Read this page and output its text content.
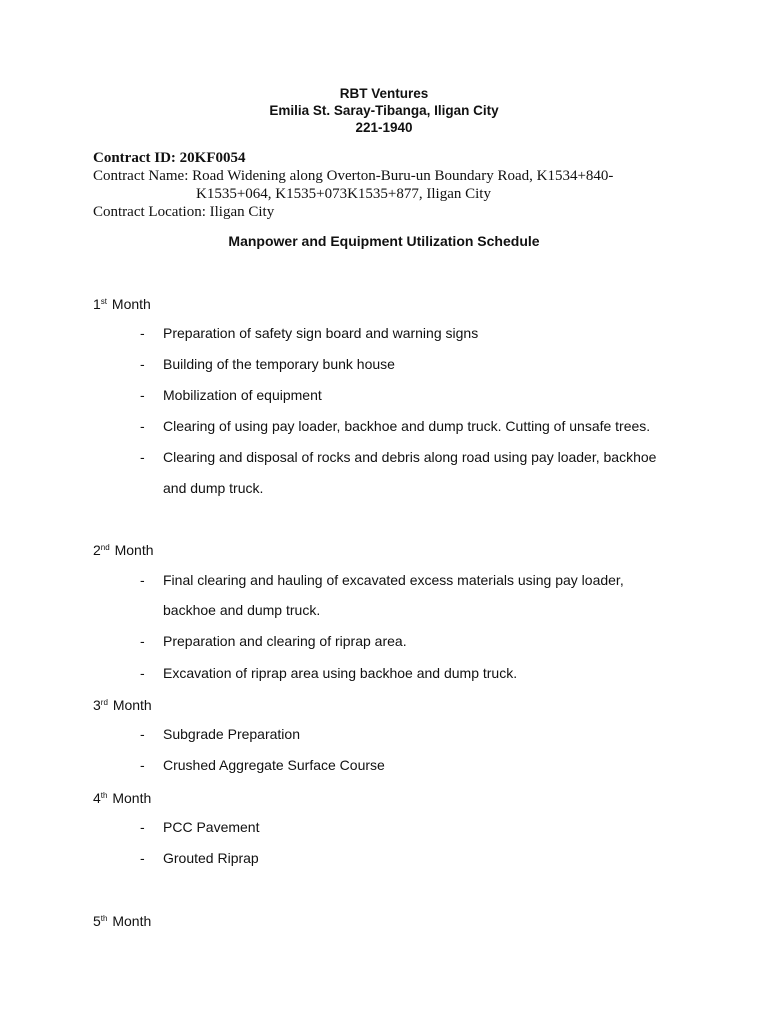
RBT Ventures
Emilia St. Saray-Tibanga, Iligan City
221-1940
Contract ID: 20KF0054
Contract Name: Road Widening along Overton-Buru-un Boundary Road, K1534+840-
K1535+064, K1535+073K1535+877, Iligan City
Contract Location: Iligan City
Manpower and Equipment Utilization Schedule
1st Month
- Preparation of safety sign board and warning signs
- Building of the temporary bunk house
- Mobilization of equipment
- Clearing of using pay loader, backhoe and dump truck. Cutting of unsafe trees.
- Clearing and disposal of rocks and debris along road using pay loader, backhoe
and dump truck.
2nd Month
- Final clearing and hauling of excavated excess materials using pay loader,
backhoe and dump truck.
- Preparation and clearing of riprap area.
- Excavation of riprap area using backhoe and dump truck.
3rd Month
- Subgrade Preparation
- Crushed Aggregate Surface Course
4th Month
- PCC Pavement
- Grouted Riprap
5th Month
